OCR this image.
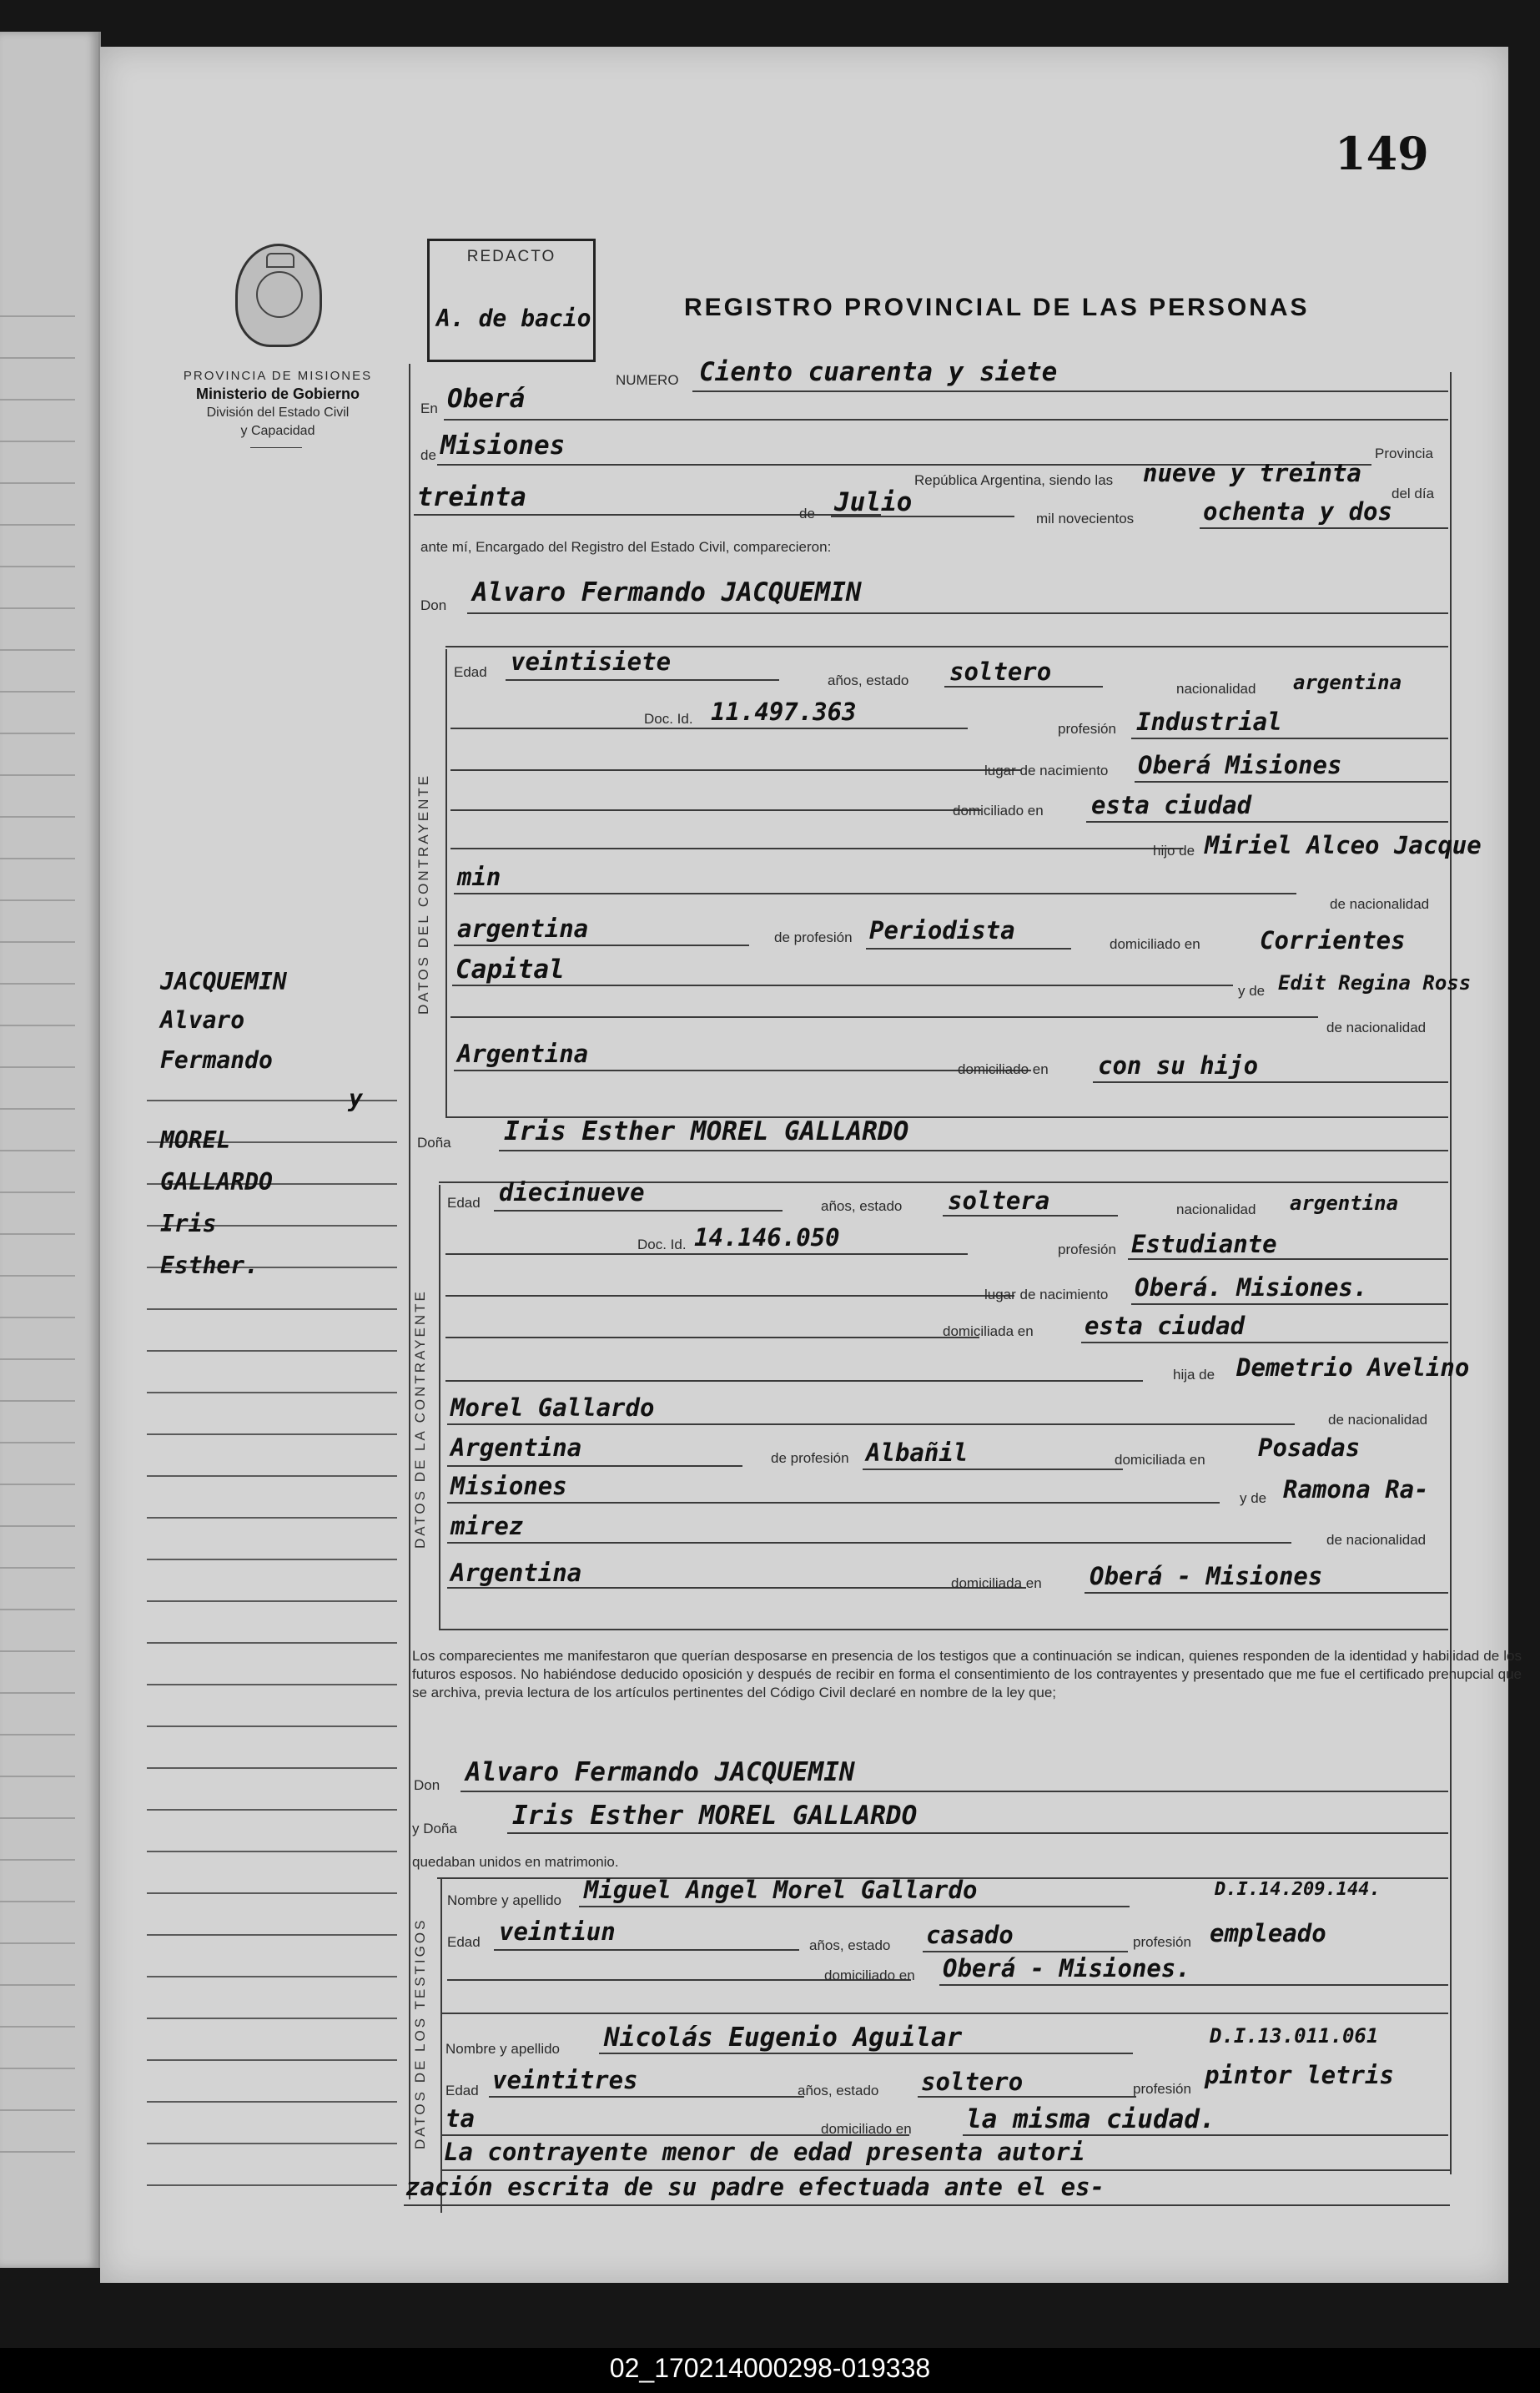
149
PROVINCIA DE MISIONES
Ministerio de Gobierno
División del Estado Civil
y Capacidad
REDACTO
A. de bacio	REGISTRO PROVINCIAL DE LAS PERSONAS
NUMERO Ciento cuarenta y siete
En Oberá
Provincia
de Misiones
República Argentina, siendo las nueve y treinta
del día
treinta
de Julio
mil novecientos	ochenta y dos
ante mí, Encargado del Registro del Estado Civil, comparecieron:
Don Alvaro Fermando JACQUEMIN
DATOS DEL CONTRAYENTE
Edad veintisiete
años, estado soltero
nacionalidad argentina
Doc. Id. 11.497.363
profesión Industrial
lugar de nacimiento Oberá Misiones
domiciliado en esta ciudad
hijo de Miriel Alceo Jacque
min
de nacionalidad
argentina	de profesión Periodista	domiciliado en Corrientes
Capital
y de Edit Regina Ross
de nacionalidad
Argentina
domiciliado en con su hijo
Doña Iris Esther MOREL GALLARDO
DATOS DE LA CONTRAYENTE
Edad diecinueve	años, estado soltera	nacionalidad argentina
Doc. Id. 14.146.050	profesión Estudiante
lugar de nacimiento Oberá. Misiones.
domiciliada en esta ciudad
hija de Demetrio Avelino
Morel Gallardo	de nacionalidad
Argentina	de profesión Albañil	domiciliada en Posadas
Misiones	y de Ramona Ra-
mirez	de nacionalidad
Argentina	domiciliada en Oberá - Misiones
Los comparecientes me manifestaron que querían desposarse en presencia de los testigos que a continuación se indican, quienes responden de la identidad y habilidad de los futuros esposos. No habiéndose deducido oposición y después de recibir en forma el consentimiento de los contrayentes y presentado que me fue el certificado prenupcial que se archiva, previa lectura de los artículos pertinentes del Código Civil declaré en nombre de la ley que;
Don Alvaro Fermando JACQUEMIN
y Doña Iris Esther MOREL GALLARDO
quedaban unidos en matrimonio.
DATOS DE LOS TESTIGOS
Nombre y apellido Miguel Angel Morel Gallardo	D.I.14.209.144.
Edad veintiun	años, estado casado	profesión empleado
domiciliado en Oberá - Misiones.
Nombre y apellido Nicolás Eugenio Aguilar	D.I.13.011.061
Edad veintitres	años, estado soltero	profesión pintor letris
ta	domiciliado en la misma ciudad.
La contrayente menor de edad presenta autori
zación escrita de su padre efectuada ante el es-
JACQUEMIN
Alvaro
Fermando
y
MOREL
GALLARDO
Iris
Esther.
02_170214000298-019338
